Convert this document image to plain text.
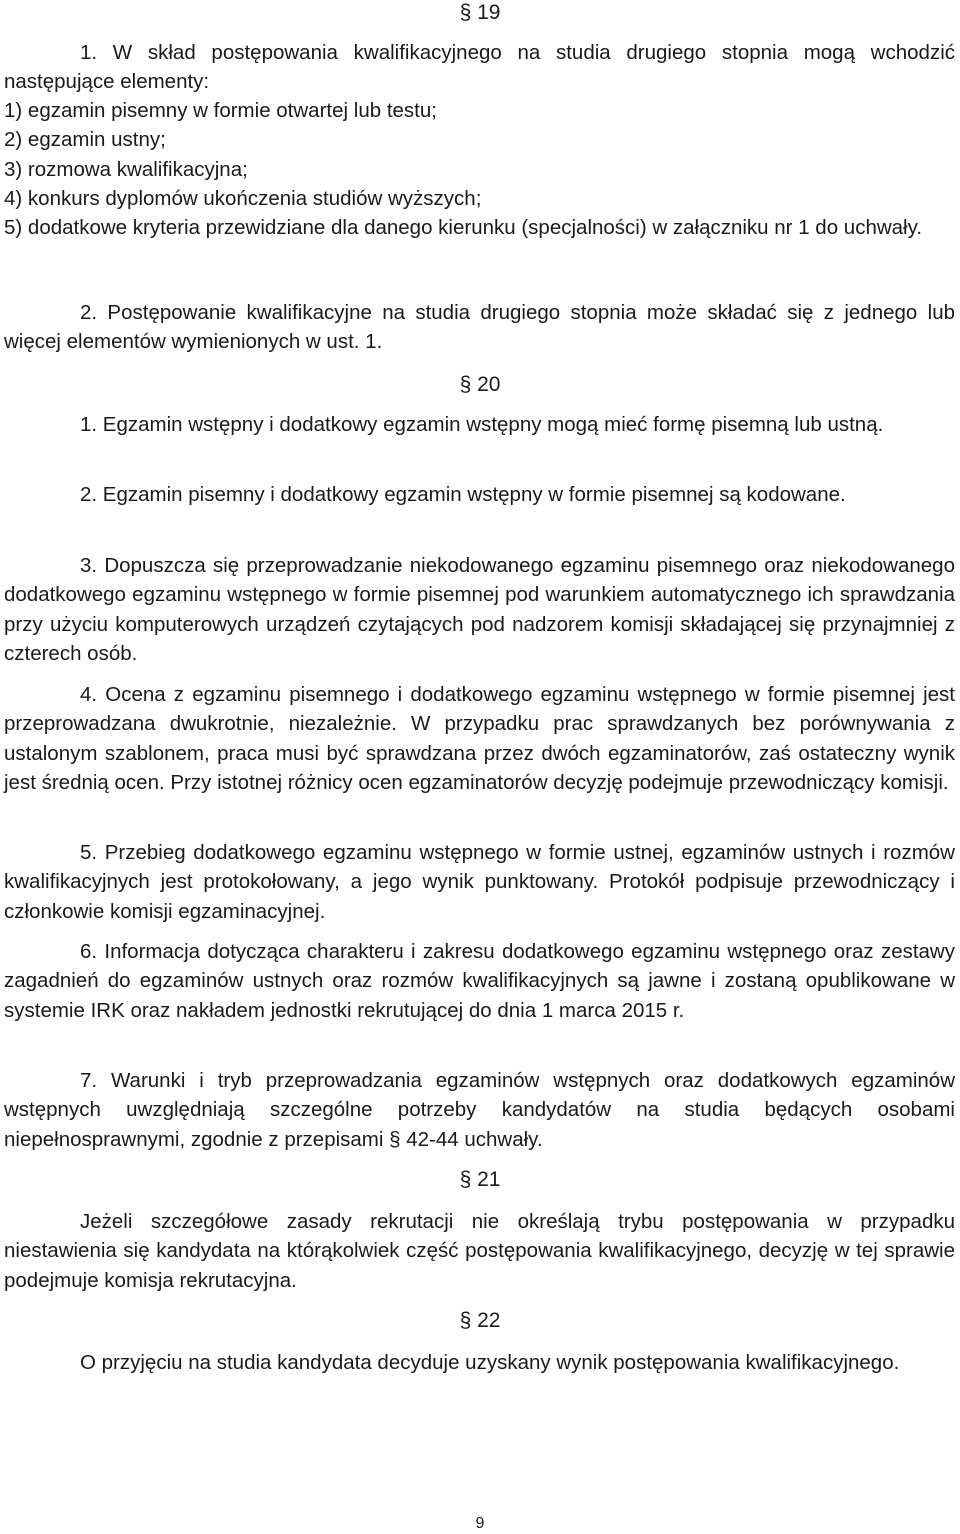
§ 19
1. W skład postępowania kwalifikacyjnego na studia drugiego stopnia mogą wchodzić następujące elementy:
1) egzamin pisemny w formie otwartej lub testu;
2) egzamin ustny;
3) rozmowa kwalifikacyjna;
4) konkurs dyplomów ukończenia studiów wyższych;
5) dodatkowe kryteria przewidziane dla danego kierunku (specjalności) w załączniku nr 1 do uchwały.
2. Postępowanie kwalifikacyjne na studia drugiego stopnia może składać się z jednego lub więcej elementów wymienionych w ust. 1.
§ 20
1. Egzamin wstępny i dodatkowy egzamin wstępny mogą mieć formę pisemną lub ustną.
2. Egzamin pisemny i dodatkowy egzamin wstępny w formie pisemnej są kodowane.
3. Dopuszcza się przeprowadzanie niekodowanego egzaminu pisemnego oraz niekodowanego dodatkowego egzaminu wstępnego w formie pisemnej pod warunkiem automatycznego ich sprawdzania przy użyciu komputerowych urządzeń czytających pod nadzorem komisji składającej się przynajmniej z czterech osób.
4. Ocena z egzaminu pisemnego i dodatkowego egzaminu wstępnego w formie pisemnej jest przeprowadzana dwukrotnie, niezależnie. W przypadku prac sprawdzanych bez porównywania z ustalonym szablonem, praca musi być sprawdzana przez dwóch egzaminatorów, zaś ostateczny wynik jest średnią ocen. Przy istotnej różnicy ocen egzaminatorów decyzję podejmuje przewodniczący komisji.
5. Przebieg dodatkowego egzaminu wstępnego w formie ustnej, egzaminów ustnych i rozmów kwalifikacyjnych jest protokołowany, a jego wynik punktowany. Protokół podpisuje przewodniczący i członkowie komisji egzaminacyjnej.
6. Informacja dotycząca charakteru i zakresu dodatkowego egzaminu wstępnego oraz zestawy zagadnień do egzaminów ustnych oraz rozmów kwalifikacyjnych są jawne i zostaną opublikowane w systemie IRK oraz nakładem jednostki rekrutującej do dnia 1 marca 2015 r.
7. Warunki i tryb przeprowadzania egzaminów wstępnych oraz dodatkowych egzaminów wstępnych uwzględniają szczególne potrzeby kandydatów na studia będących osobami niepełnosprawnymi, zgodnie z przepisami § 42-44 uchwały.
§ 21
Jeżeli szczegółowe zasady rekrutacji nie określają trybu postępowania w przypadku niestawienia się kandydata na którąkolwiek część postępowania kwalifikacyjnego, decyzję w tej sprawie podejmuje komisja rekrutacyjna.
§ 22
O przyjęciu na studia kandydata decyduje uzyskany wynik postępowania kwalifikacyjnego.
9
